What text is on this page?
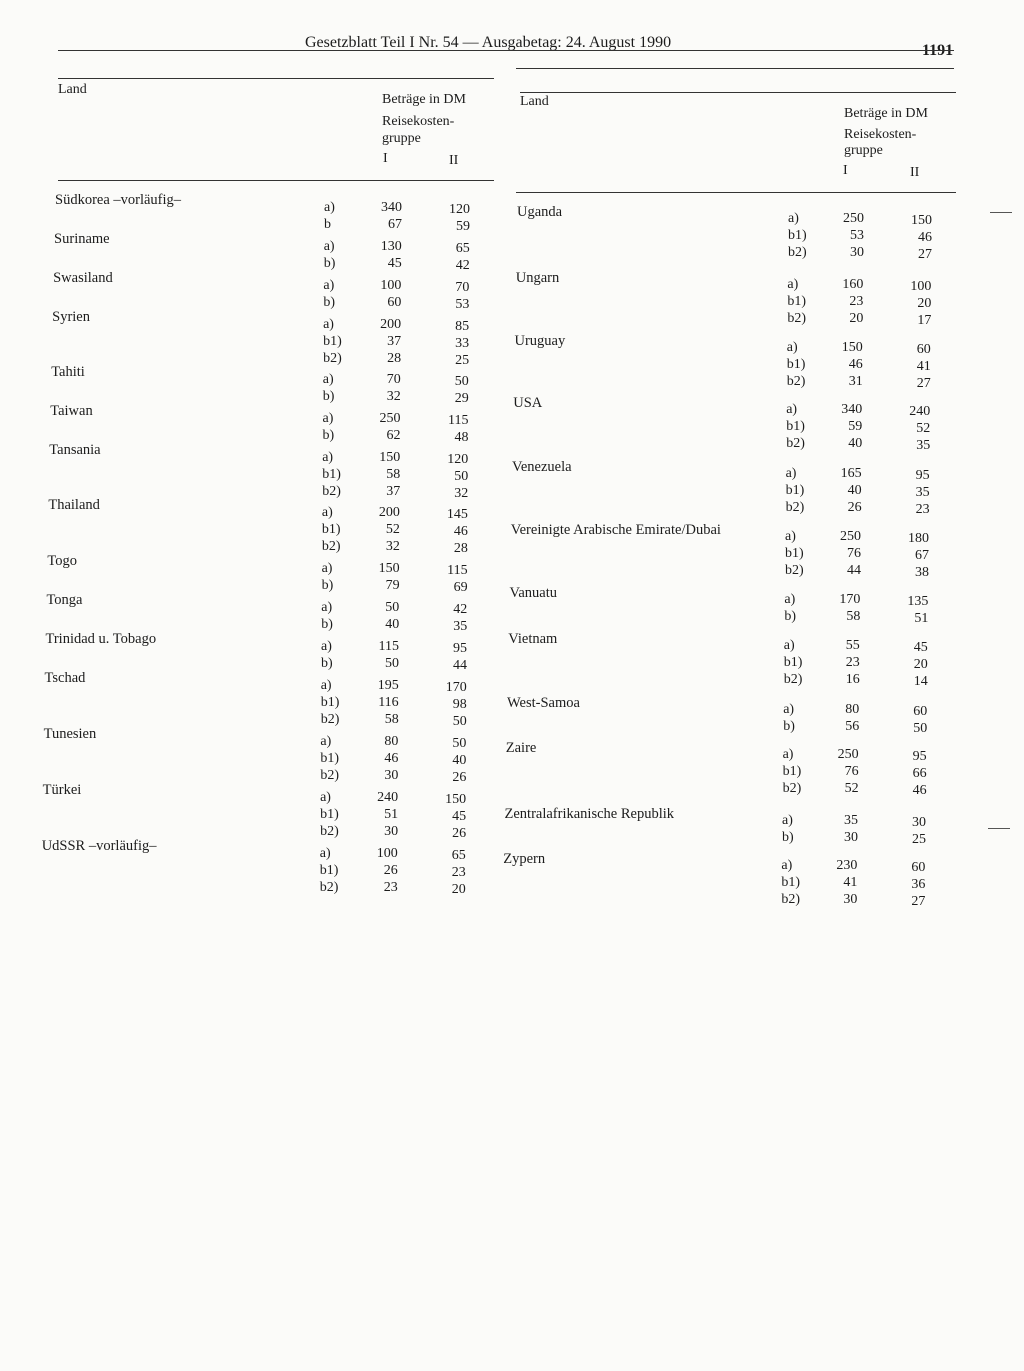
Gesetzblatt Teil I Nr. 54 — Ausgabetag: 24. August 1990	1191
Land
Beträge in DM
Reisekosten-
gruppe
I	II
Südkorea –vorläufig–	a)	340	120
b	67	59
Suriname	a)	130	65
b)	45	42
Swasiland	a)	100	70
b)	60	53
Syrien	a)	200	85
b1)	37	33
b2)	28	25
Tahiti	a)	70	50
b)	32	29
Taiwan	a)	250	115
b)	62	48
Tansania	a)	150	120
b1)	58	50
b2)	37	32
Thailand	a)	200	145
b1)	52	46
b2)	32	28
Togo	a)	150	115
b)	79	69
Tonga	a)	50	42
b)	40	35
Trinidad u. Tobago	a)	115	95
b)	50	44
Tschad	a)	195	170
b1)	116	98
b2)	58	50
Tunesien	a)	80	50
b1)	46	40
b2)	30	26
Türkei	a)	240	150
b1)	51	45
b2)	30	26
UdSSR –vorläufig–	a)	100	65
b1)	26	23
b2)	23	20
Land
Beträge in DM
Reisekosten-
gruppe
I	II
Uganda	a)	250	150
b1)	53	46
b2)	30	27
Ungarn	a)	160	100
b1)	23	20
b2)	20	17
Uruguay	a)	150	60
b1)	46	41
b2)	31	27
USA	a)	340	240
b1)	59	52
b2)	40	35
Venezuela	a)	165	95
b1)	40	35
b2)	26	23
Vereinigte Arabische Emirate/Dubai	a)	250	180
b1)	76	67
b2)	44	38
Vanuatu	a)	170	135
b)	58	51
Vietnam	a)	55	45
b1)	23	20
b2)	16	14
West-Samoa	a)	80	60
b)	56	50
Zaire	a)	250	95
b1)	76	66
b2)	52	46
Zentralafrikanische Republik	a)	35	30
b)	30	25
Zypern	a)	230	60
b1)	41	36
b2)	30	27
